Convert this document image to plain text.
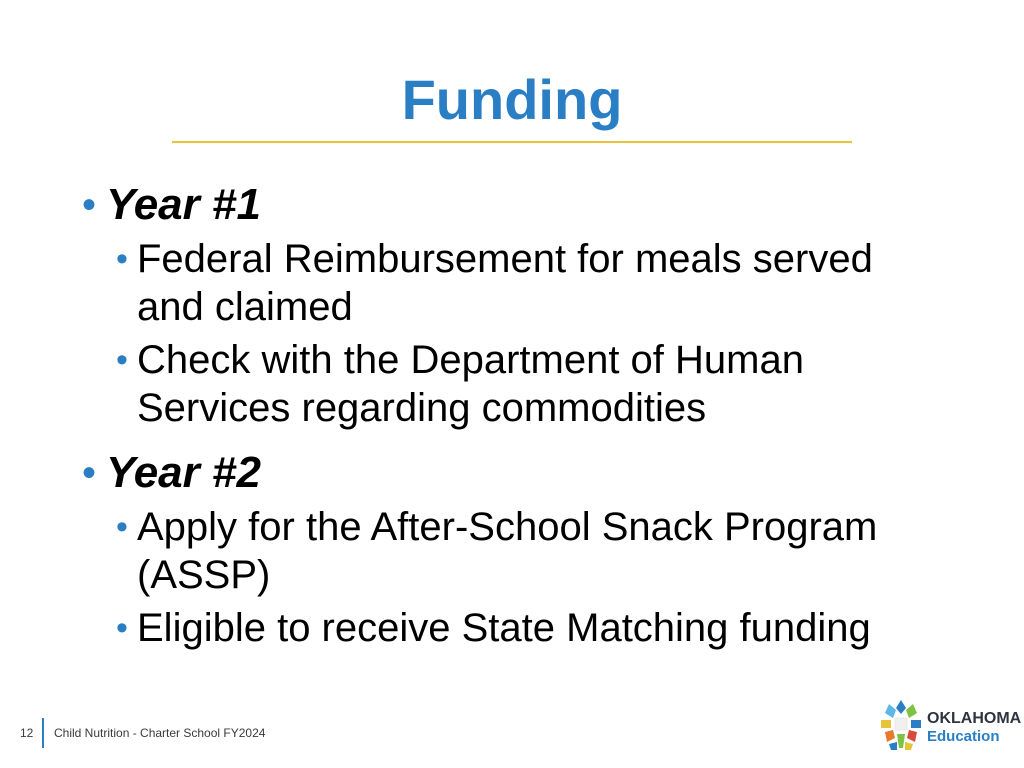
Funding
• Year #1
• Federal Reimbursement for meals served and claimed
• Check with the Department of Human Services regarding commodities
• Year #2
• Apply for the After-School Snack Program (ASSP)
• Eligible to receive State Matching funding
12 Child Nutrition - Charter School FY2024
OKLAHOMA
Education
